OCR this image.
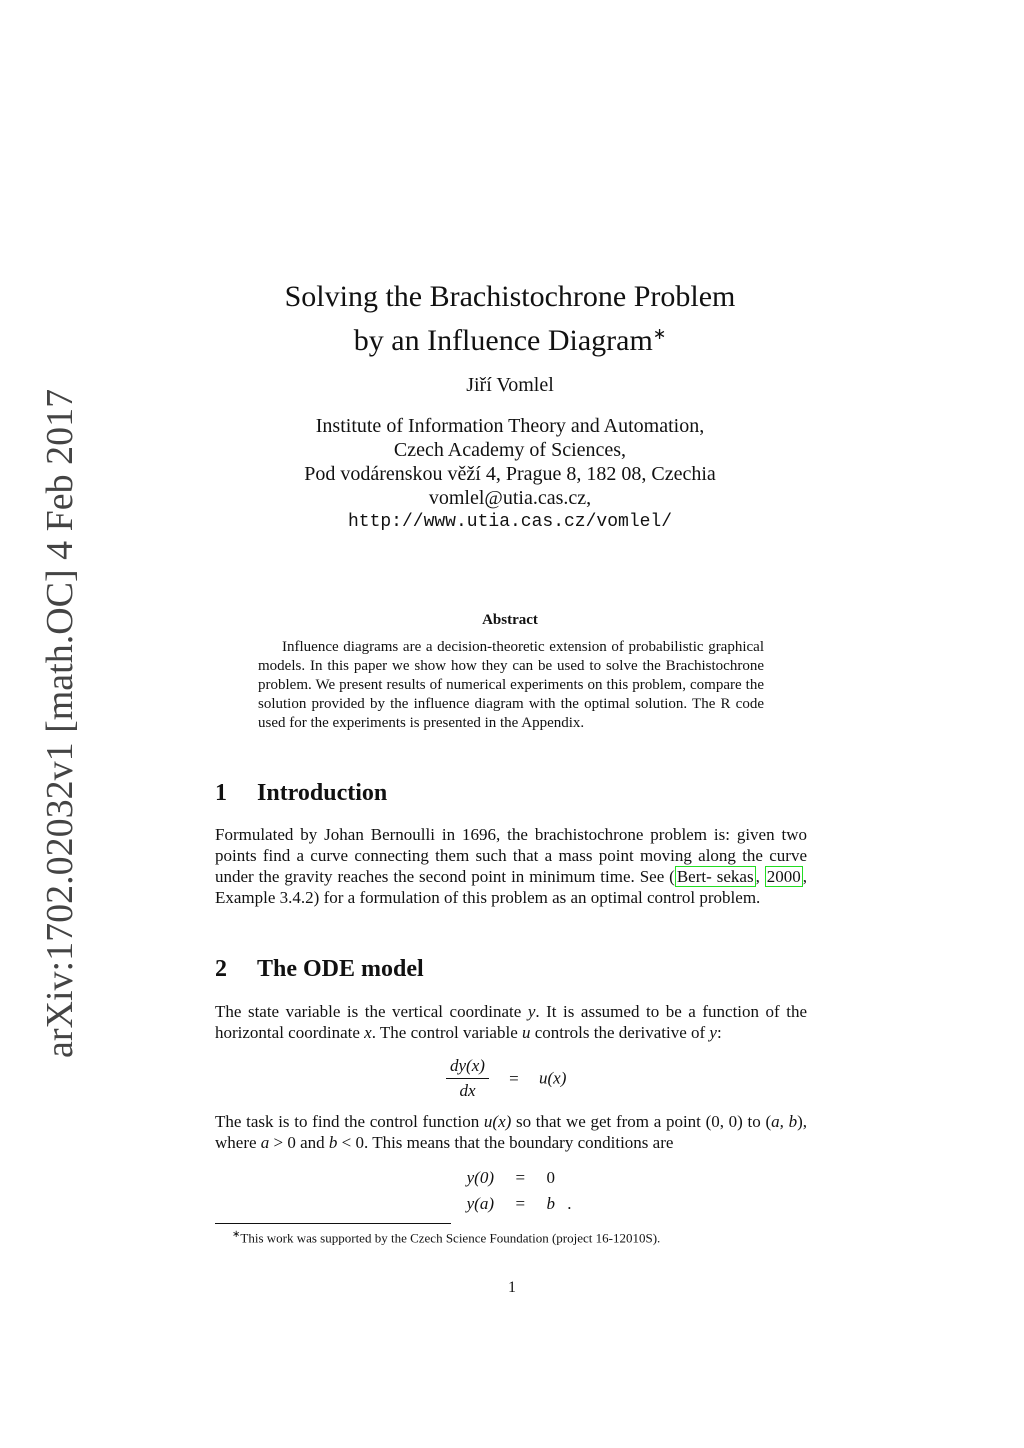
arXiv:1702.02032v1 [math.OC] 4 Feb 2017
Solving the Brachistochrone Problem
by an Influence Diagram∗
Jiří Vomlel
Institute of Information Theory and Automation,
Czech Academy of Sciences,
Pod vodárenskou věží 4, Prague 8, 182 08, Czechia
vomlel@utia.cas.cz,
http://www.utia.cas.cz/vomlel/
Abstract
Influence diagrams are a decision-theoretic extension of probabilistic graphical models. In this paper we show how they can be used to solve the Brachistochrone problem. We present results of numerical experiments on this problem, compare the solution provided by the influence diagram with the optimal solution. The R code used for the experiments is presented in the Appendix.
1 Introduction
Formulated by Johan Bernoulli in 1696, the brachistochrone problem is: given two points find a curve connecting them such that a mass point moving along the curve under the gravity reaches the second point in minimum time. See ( Bert- sekas , 2000 , Example 3.4.2) for a formulation of this problem as an optimal control problem.
2 The ODE model
The state variable is the vertical coordinate y. It is assumed to be a function of the horizontal coordinate x. The control variable u controls the derivative of y:
$\frac{dy(x)}{dx} = u(x)$
The task is to find the control function u(x) so that we get from a point (0, 0) to (a, b), where a > 0 and b < 0. This means that the boundary conditions are
y(0) = 0
y(a) = b .
∗This work was supported by the Czech Science Foundation (project 16-12010S).
1
